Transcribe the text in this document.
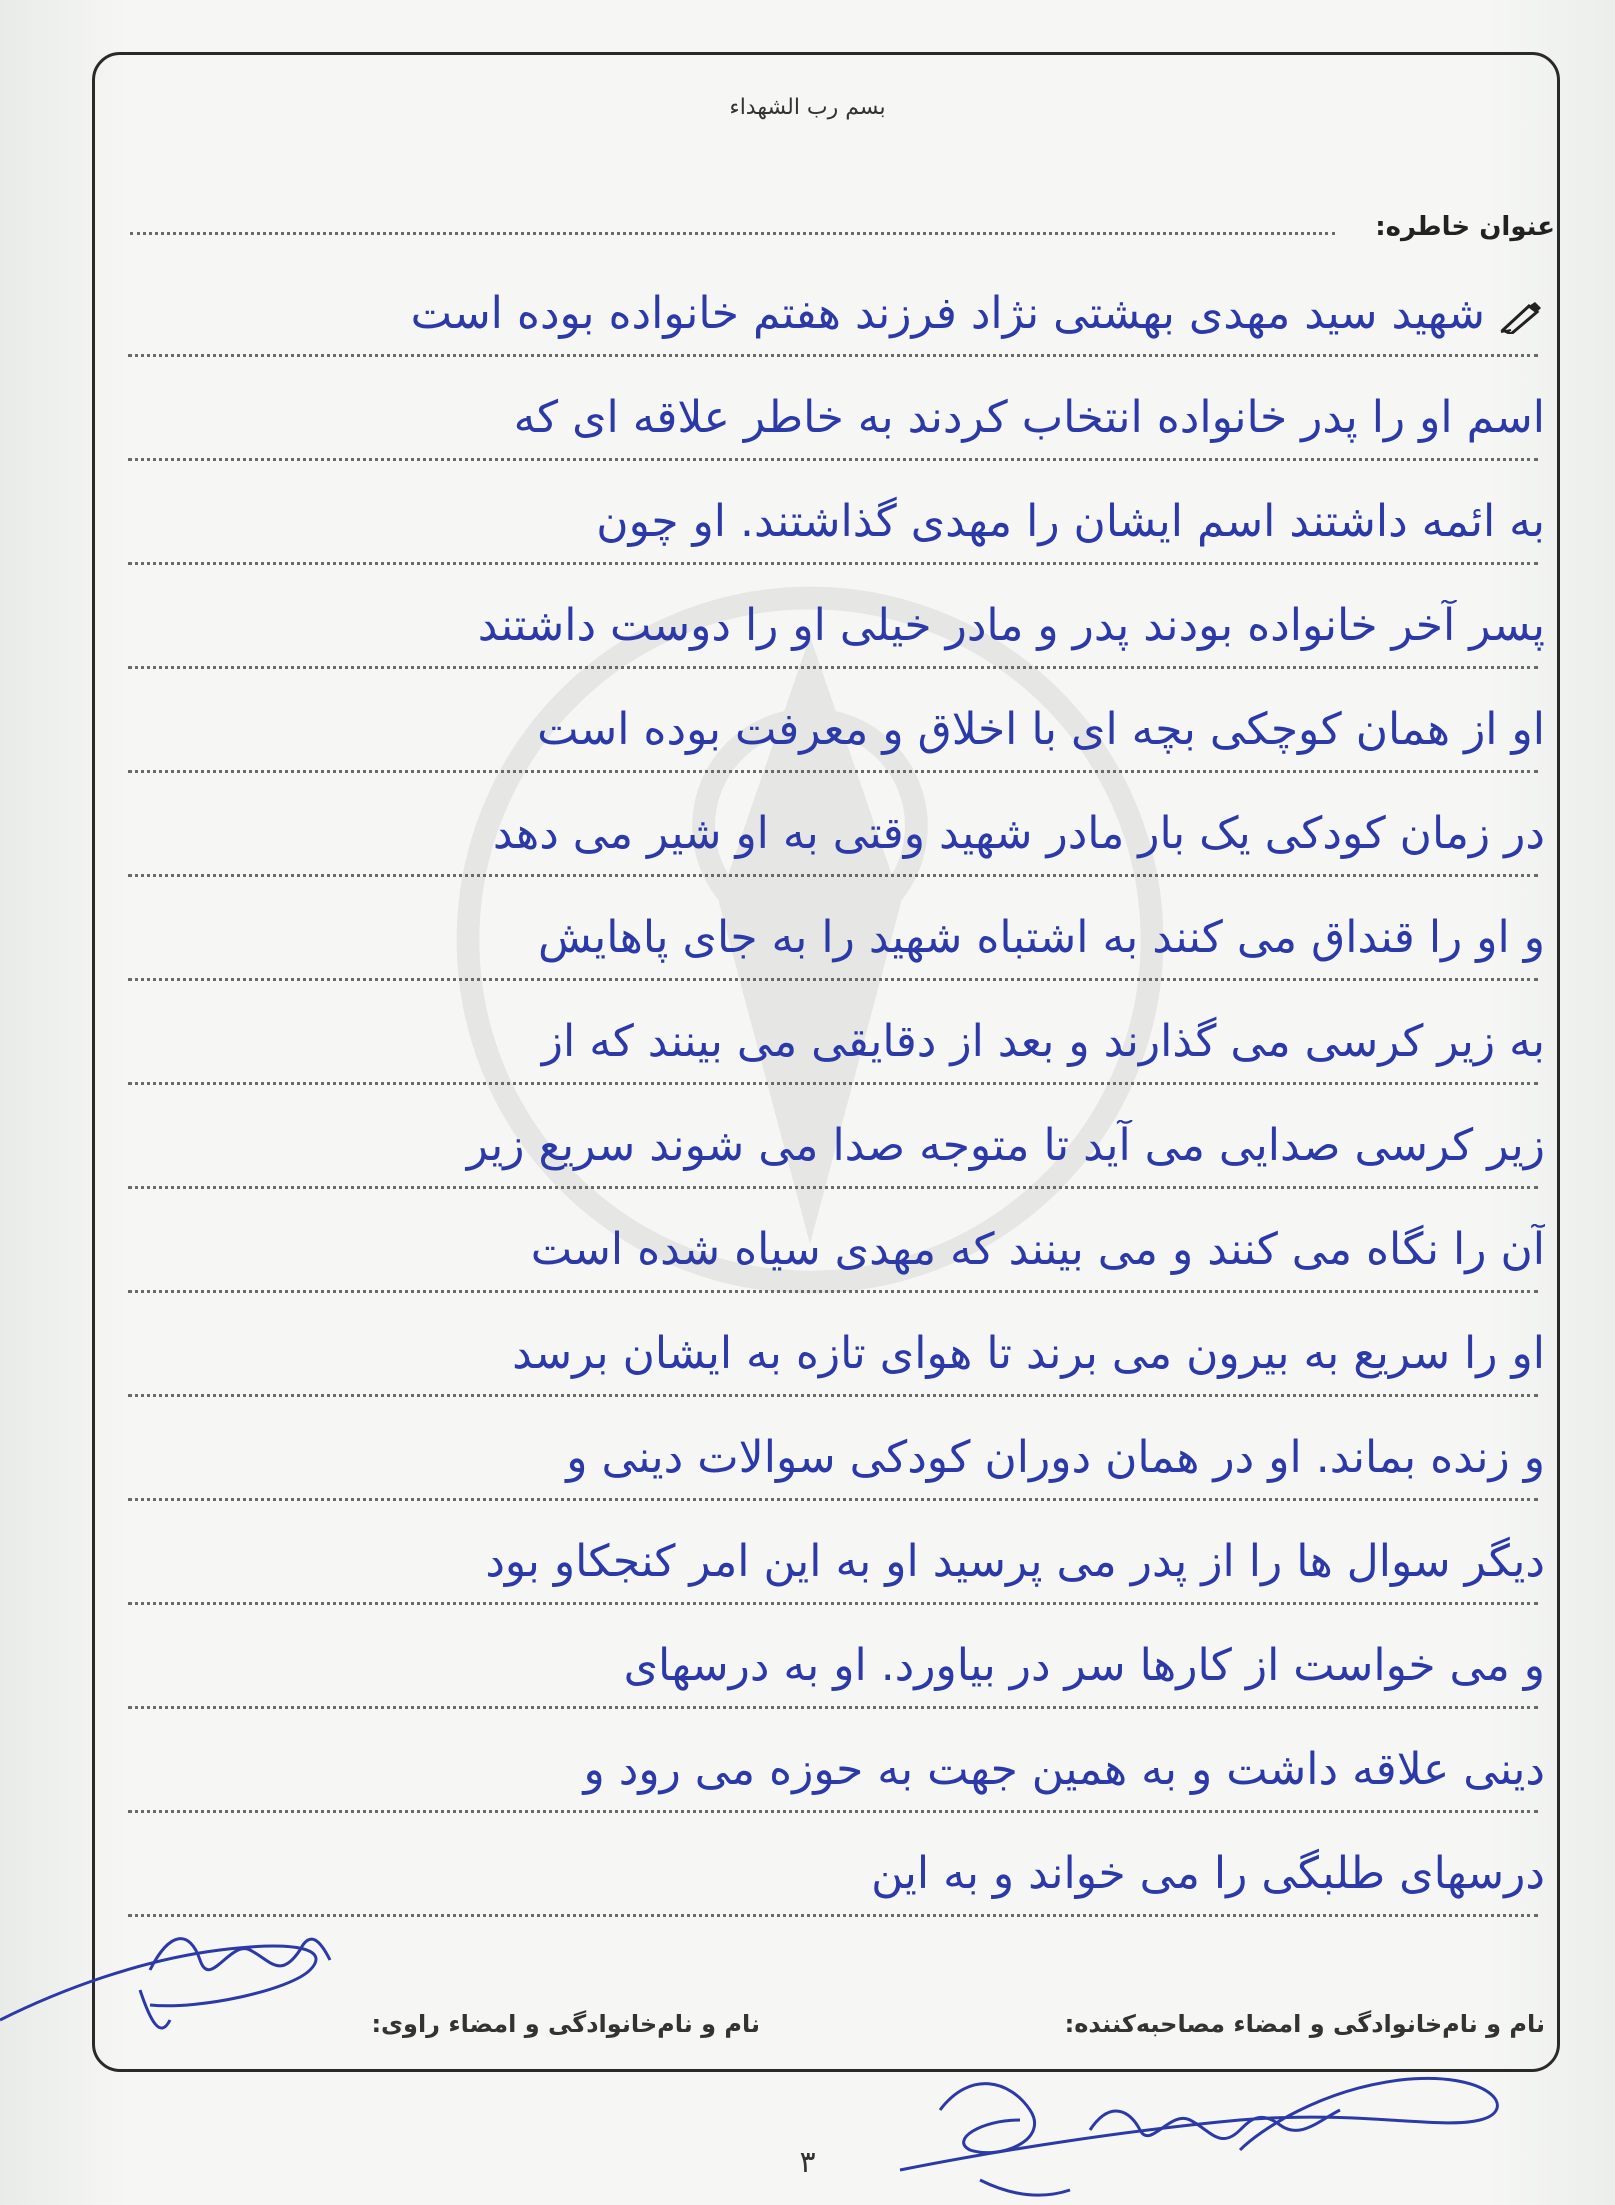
بسم رب الشهداء
عنوان خاطره:
شهید سید مهدی بهشتی نژاد فرزند هفتم خانواده بوده است
اسم او را پدر خانواده انتخاب کردند به خاطر علاقه ای که
به ائمه داشتند اسم ایشان را مهدی گذاشتند. او چون
پسر آخر خانواده بودند پدر و مادر خیلی او را دوست داشتند
او از همان کوچکی بچه ای با اخلاق و معرفت بوده است
در زمان کودکی یک بار مادر شهید وقتی به او شیر می دهد
و او را قنداق می کنند به اشتباه شهید را به جای پاهایش
به زیر کرسی می گذارند و بعد از دقایقی می بینند که از
زیر کرسی صدایی می آید تا متوجه صدا می شوند سریع زیر
آن را نگاه می کنند و می بینند که مهدی سیاه شده است
او را سریع به بیرون می برند تا هوای تازه به ایشان برسد
و زنده بماند. او در همان دوران کودکی سوالات دینی و
دیگر سوال ها را از پدر می پرسید او به این امر کنجکاو بود
و می خواست از کارها سر در بیاورد. او به درسهای
دینی علاقه داشت و به همین جهت به حوزه می رود و
درسهای طلبگی را می خواند و به این
نام و نام‌خانوادگی و امضاء مصاحبه‌کننده:
نام و نام‌خانوادگی و امضاء راوی:
۳
